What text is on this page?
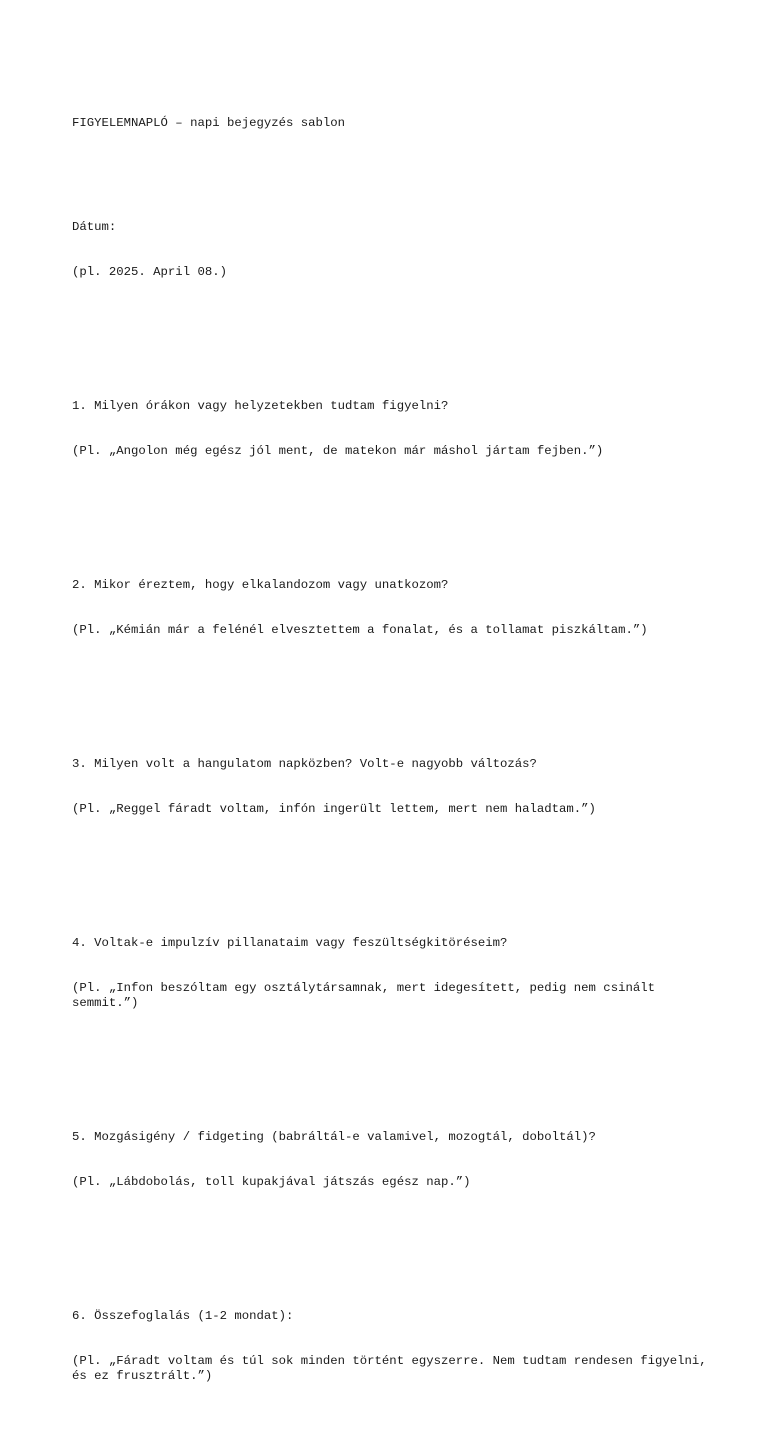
FIGYELEMNAPLÓ – napi bejegyzés sablon

Dátum:

(pl. 2025. April 08.)

1. Milyen órákon vagy helyzetekben tudtam figyelni?

(Pl. „Angolon még egész jól ment, de matekon már máshol jártam fejben.”)

2. Mikor éreztem, hogy elkalandozom vagy unatkozom?

(Pl. „Kémián már a felénél elvesztettem a fonalat, és a tollamat piszkáltam.”)

3. Milyen volt a hangulatom napközben? Volt-e nagyobb változás?

(Pl. „Reggel fáradt voltam, infón ingerült lettem, mert nem haladtam.”)

4. Voltak-e impulzív pillanataim vagy feszültségkitöréseim?

(Pl. „Infon beszóltam egy osztálytársamnak, mert idegesített, pedig nem csinált semmit.”)

5. Mozgásigény / fidgeting (babráltál-e valamivel, mozogtál, doboltál)?

(Pl. „Lábdobolás, toll kupakjával játszás egész nap.”)

6. Összefoglalás (1-2 mondat):

(Pl. „Fáradt voltam és túl sok minden történt egyszerre. Nem tudtam rendesen figyelni, és ez frusztrált.”)
